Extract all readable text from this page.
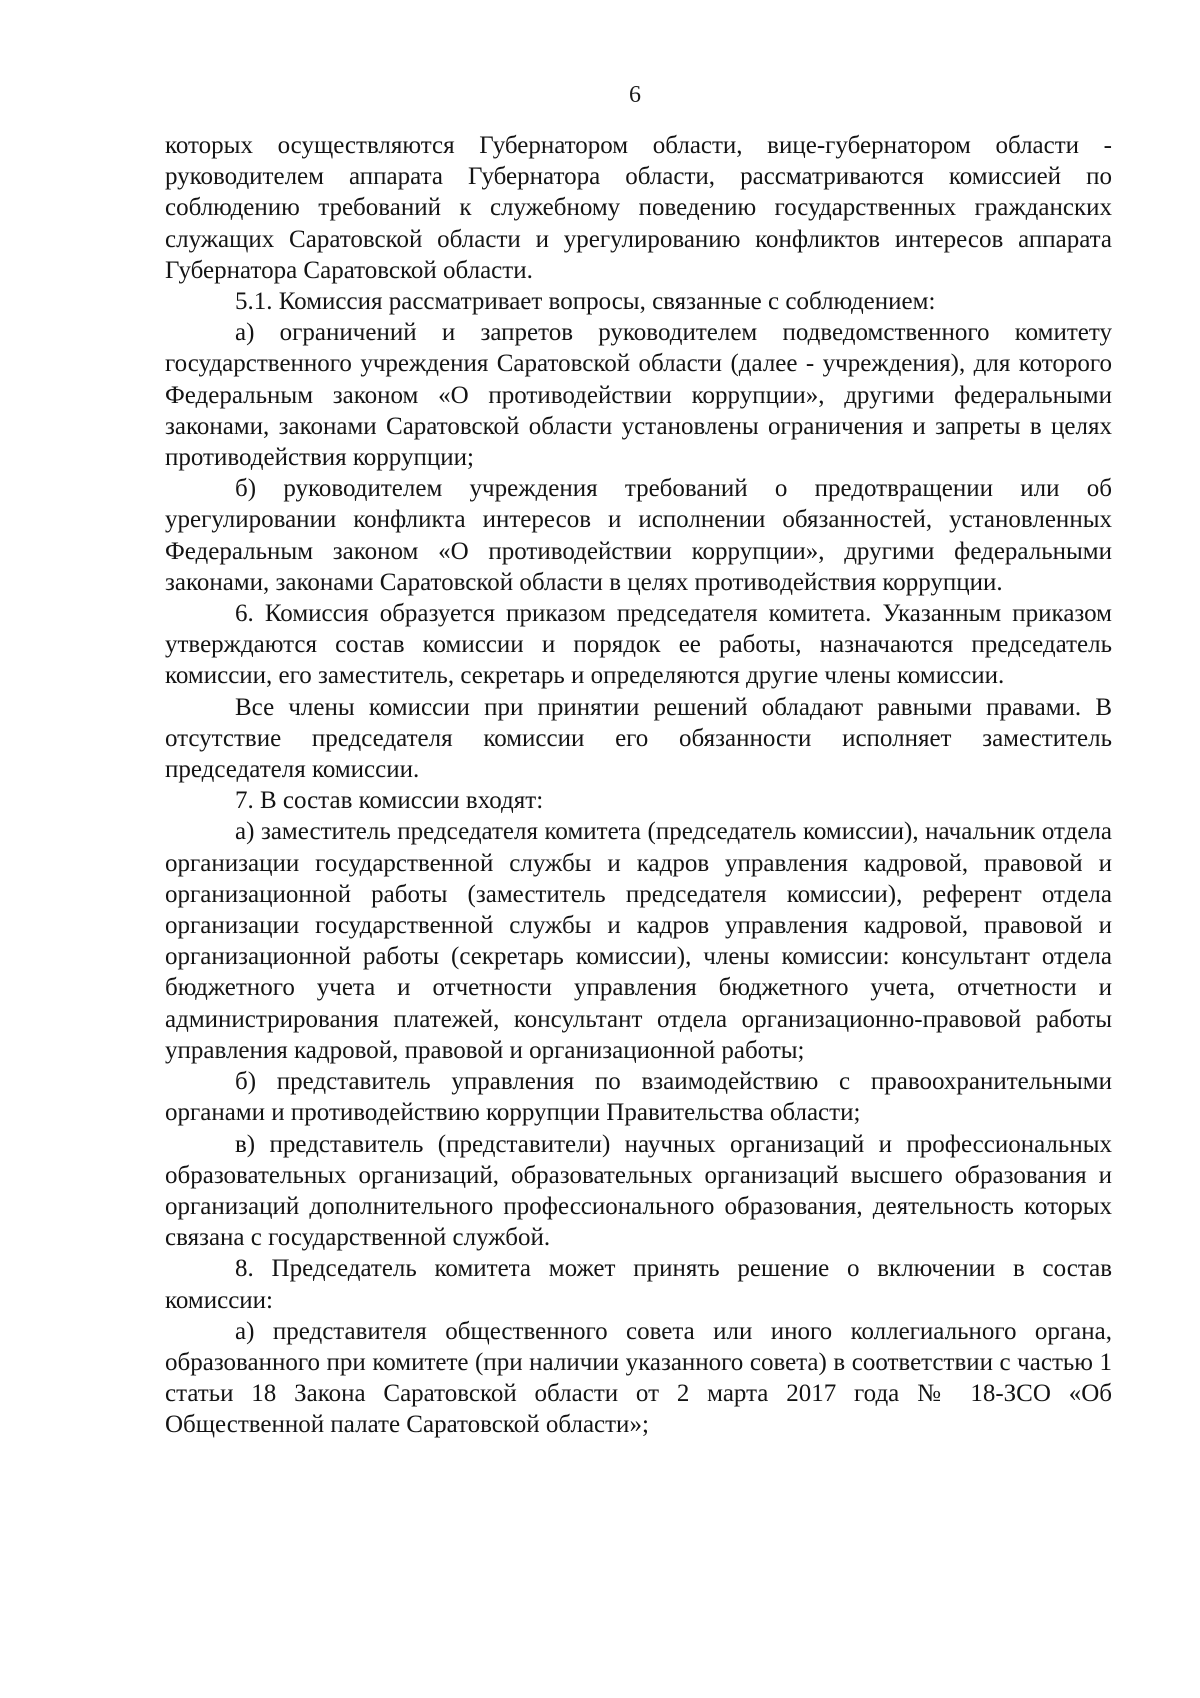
6

которых осуществляются Губернатором области, вице-губернатором области - руководителем аппарата Губернатора области, рассматриваются комиссией по соблюдению требований к служебному поведению государственных гражданских служащих Саратовской области и урегулированию конфликтов интересов аппарата Губернатора Саратовской области.

5.1. Комиссия рассматривает вопросы, связанные с соблюдением:

а) ограничений и запретов руководителем подведомственного комитету государственного учреждения Саратовской области (далее - учреждения), для которого Федеральным законом «О противодействии коррупции», другими федеральными законами, законами Саратовской области установлены ограничения и запреты в целях противодействия коррупции;

б) руководителем учреждения требований о предотвращении или об урегулировании конфликта интересов и исполнении обязанностей, установленных Федеральным законом «О противодействии коррупции», другими федеральными законами, законами Саратовской области в целях противодействия коррупции.

6. Комиссия образуется приказом председателя комитета. Указанным приказом утверждаются состав комиссии и порядок ее работы, назначаются председатель комиссии, его заместитель, секретарь и определяются другие члены комиссии.

Все члены комиссии при принятии решений обладают равными правами. В отсутствие председателя комиссии его обязанности исполняет заместитель председателя комиссии.

7. В состав комиссии входят:

а) заместитель председателя комитета (председатель комиссии), начальник отдела организации государственной службы и кадров управления кадровой, правовой и организационной работы (заместитель председателя комиссии), референт отдела организации государственной службы и кадров управления кадровой, правовой и организационной работы (секретарь комиссии), члены комиссии: консультант отдела бюджетного учета и отчетности управления бюджетного учета, отчетности и администрирования платежей, консультант отдела организационно-правовой работы управления кадровой, правовой и организационной работы;

б) представитель управления по взаимодействию с правоохранительными органами и противодействию коррупции Правительства области;

в) представитель (представители) научных организаций и профессиональных образовательных организаций, образовательных организаций высшего образования и организаций дополнительного профессионального образования, деятельность которых связана с государственной службой.

8. Председатель комитета может принять решение о включении в состав комиссии:

а) представителя общественного совета или иного коллегиального органа, образованного при комитете (при наличии указанного совета) в соответствии с частью 1 статьи 18 Закона Саратовской области от 2 марта 2017 года № 18-ЗСО «Об Общественной палате Саратовской области»;
